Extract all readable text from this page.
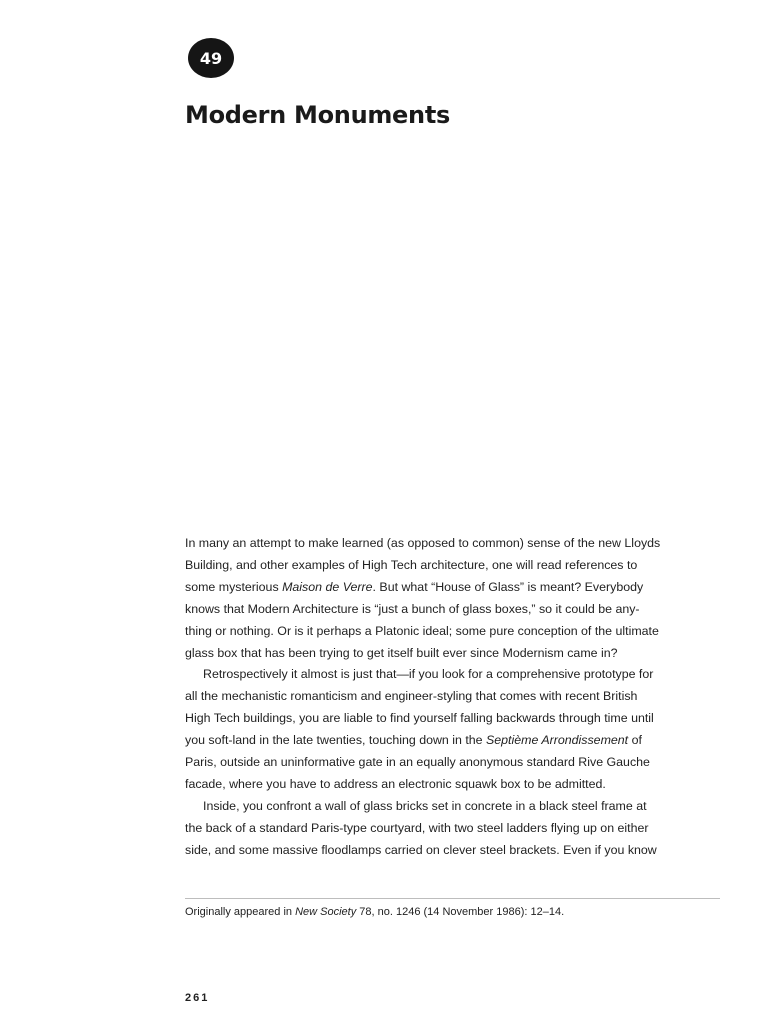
49
Modern Monuments
In many an attempt to make learned (as opposed to common) sense of the new Lloyds
Building, and other examples of High Tech architecture, one will read references to
some mysterious Maison de Verre. But what “House of Glass” is meant? Everybody
knows that Modern Architecture is “just a bunch of glass boxes,” so it could be any-
thing or nothing. Or is it perhaps a Platonic ideal; some pure conception of the ultimate
glass box that has been trying to get itself built ever since Modernism came in?
Retrospectively it almost is just that—if you look for a comprehensive prototype for
all the mechanistic romanticism and engineer-styling that comes with recent British
High Tech buildings, you are liable to find yourself falling backwards through time until
you soft-land in the late twenties, touching down in the Septième Arrondissement of
Paris, outside an uninformative gate in an equally anonymous standard Rive Gauche
facade, where you have to address an electronic squawk box to be admitted.
Inside, you confront a wall of glass bricks set in concrete in a black steel frame at
the back of a standard Paris-type courtyard, with two steel ladders flying up on either
side, and some massive floodlamps carried on clever steel brackets. Even if you know
Originally appeared in New Society 78, no. 1246 (14 November 1986): 12–14.
261
